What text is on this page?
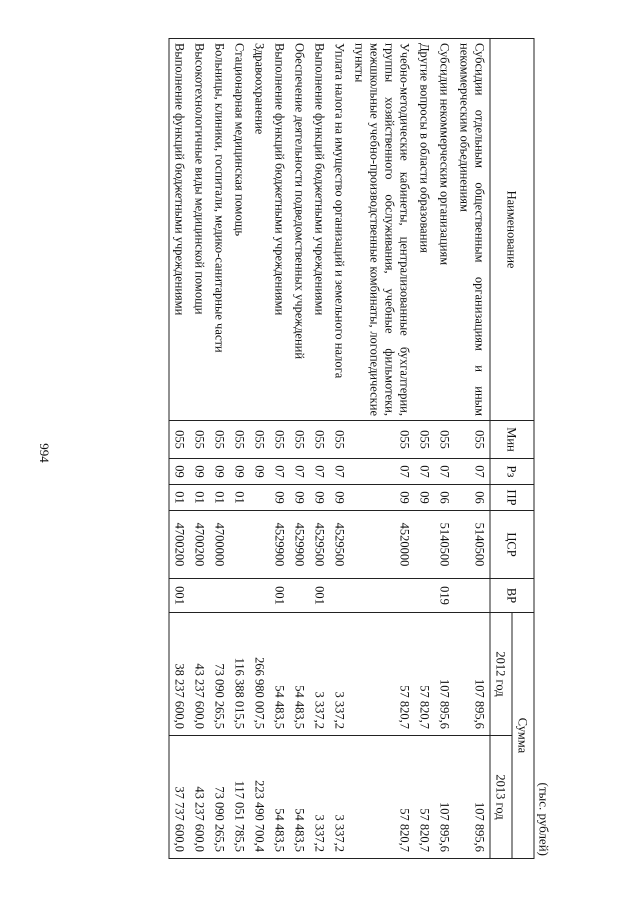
994
(тыс. рублей)
Наименование	Мин	Рз	ПР	ЦСР	ВР	Сумма	
						2012 год	2013 год
Субсидии отдельным общественным организациям и иным некоммерческим объединениям	055	07	06	5140500		107 895,6	107 895,6
Субсидии некоммерческим организациям	055	07	06	5140500	019	107 895,6	107 895,6
Другие вопросы в области образования	055	07	09			57 820,7	57 820,7
Учебно-методические кабинеты, централизованные бухгалтерии, группы хозяйственного обслуживания, учебные фильмотеки, межшкольные учебно-производственные комбинаты, логопедические пункты	055	07	09	4520000		57 820,7	57 820,7
Уплата налога на имущество организаций и земельного налога	055	07	09	4529500		3 337,2	3 337,2
Выполнение функций бюджетными учреждениями	055	07	09	4529500	001	3 337,2	3 337,2
Обеспечение деятельности подведомственных учреждений	055	07	09	4529900		54 483,5	54 483,5
Выполнение функций бюджетными учреждениями	055	07	09	4529900	001	54 483,5	54 483,5
Здравоохранение	055	09				266 980 007,5	223 490 700,4
Стационарная медицинская помощь	055	09	01			116 388 015,5	117 051 785,5
Больницы, клиники, госпитали, медико-санитарные части	055	09	01	4700000		73 090 265,5	73 090 265,5
Высокотехнологичные виды медицинской помощи	055	09	01	4700200		43 237 600,0	43 237 600,0
Выполнение функций бюджетными учреждениями	055	09	01	4700200	001	38 237 600,0	37 737 600,0
